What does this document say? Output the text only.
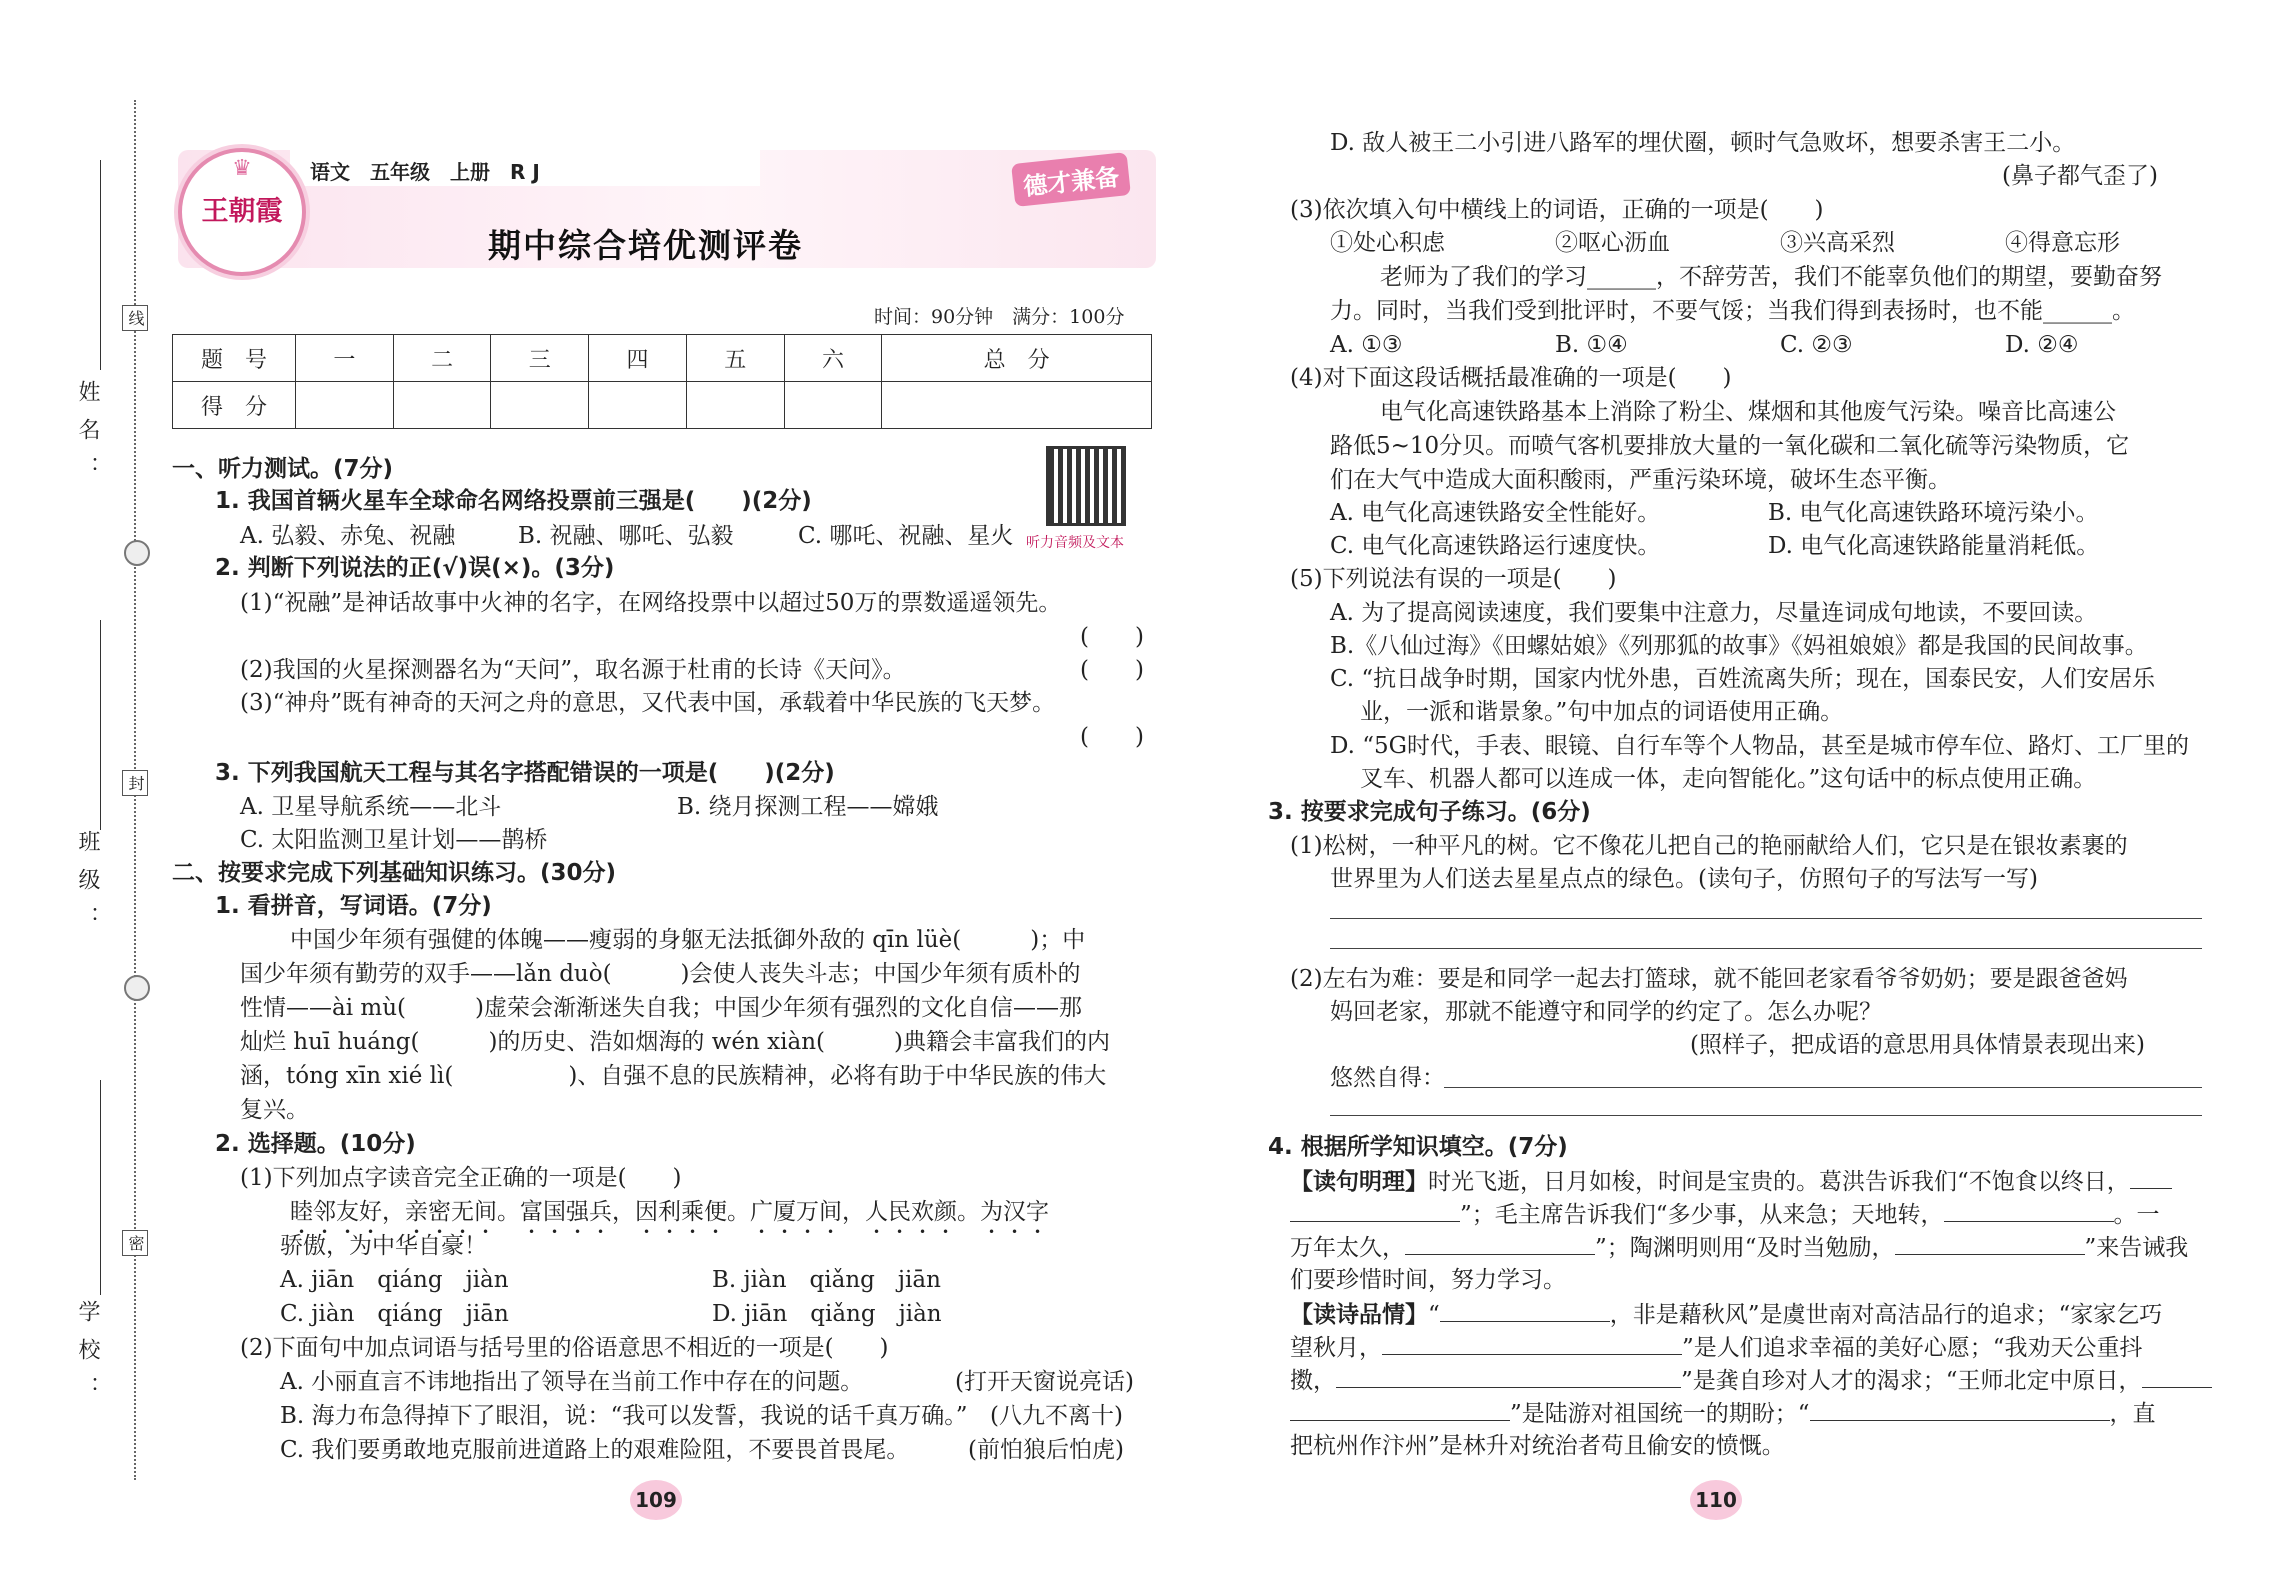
线
封
密
姓名：
班级：
学校：
♛
王朝霞
语文　五年级　上册　R J
期中综合培优测评卷
德才兼备
时间：90分钟　满分：100分
题　号	一	二	三	四	五	六	总　分
得　分							
听力音频及文本
一、听力测试。(7分)
1. 我国首辆火星车全球命名网络投票前三强是(　　)(2分)
A. 弘毅、赤兔、祝融	B. 祝融、哪吒、弘毅	C. 哪吒、祝融、星火
2. 判断下列说法的正(√)误(×)。(3分)
(1)“祝融”是神话故事中火神的名字，在网络投票中以超过50万的票数遥遥领先。
(　　)
(2)我国的火星探测器名为“天问”，取名源于杜甫的长诗《天问》。	(　　)
(3)“神舟”既有神奇的天河之舟的意思，又代表中国，承载着中华民族的飞天梦。
(　　)
3. 下列我国航天工程与其名字搭配错误的一项是(　　)(2分)
A. 卫星导航系统——北斗	B. 绕月探测工程——嫦娥
C. 太阳监测卫星计划——鹊桥
二、按要求完成下列基础知识练习。(30分)
1. 看拼音，写词语。(7分)
中国少年须有强健的体魄——瘦弱的身躯无法抵御外敌的 qīn lüè(　　　)；中
国少年须有勤劳的双手——lǎn duò(　　　)会使人丧失斗志；中国少年须有质朴的
性情——ài mù(　　　)虚荣会渐渐迷失自我；中国少年须有强烈的文化自信——那
灿烂 huī huáng(　　　)的历史、浩如烟海的 wén xiàn(　　　)典籍会丰富我们的内
涵，tóng xīn xié lì(　　　　　)、自强不息的民族精神，必将有助于中华民族的伟大
复兴。
2. 选择题。(10分)
(1)下列加点字读音完全正确的一项是(　　)
睦邻友好，亲密无间。富国强兵，因利乘便。广厦万间，人民欢颜。为汉字
骄傲，为中华自豪！
A. jiān　qiáng　jiàn	B. jiàn　qiǎng　jiān
C. jiàn　qiáng　jiān	D. jiān　qiǎng　jiàn
(2)下面句中加点词语与括号里的俗语意思不相近的一项是(　　)
A. 小丽直言不讳地指出了领导在当前工作中存在的问题。	(打开天窗说亮话)
B. 海力布急得掉下了眼泪，说：“我可以发誓，我说的话千真万确。” (八九不离十)
C. 我们要勇敢地克服前进道路上的艰难险阻，不要畏首畏尾。	(前怕狼后怕虎)
109
D. 敌人被王二小引进八路军的埋伏圈，顿时气急败坏，想要杀害王二小。
(鼻子都气歪了)
(3)依次填入句中横线上的词语，正确的一项是(　　)
①处心积虑	②呕心沥血	③兴高采烈	④得意忘形
老师为了我们的学习______，不辞劳苦，我们不能辜负他们的期望，要勤奋努
力。同时，当我们受到批评时，不要气馁；当我们得到表扬时，也不能______。
A. ①③	B. ①④	C. ②③	D. ②④
(4)对下面这段话概括最准确的一项是(　　)
电气化高速铁路基本上消除了粉尘、煤烟和其他废气污染。噪音比高速公
路低5~10分贝。而喷气客机要排放大量的一氧化碳和二氧化硫等污染物质，它
们在大气中造成大面积酸雨，严重污染环境，破坏生态平衡。
A. 电气化高速铁路安全性能好。	B. 电气化高速铁路环境污染小。
C. 电气化高速铁路运行速度快。	D. 电气化高速铁路能量消耗低。
(5)下列说法有误的一项是(　　)
A. 为了提高阅读速度，我们要集中注意力，尽量连词成句地读，不要回读。
B.《八仙过海》《田螺姑娘》《列那狐的故事》《妈祖娘娘》都是我国的民间故事。
C. “抗日战争时期，国家内忧外患，百姓流离失所；现在，国泰民安，人们安居乐
业，一派和谐景象。”句中加点的词语使用正确。
D. “5G时代，手表、眼镜、自行车等个人物品，甚至是城市停车位、路灯、工厂里的
叉车、机器人都可以连成一体，走向智能化。”这句话中的标点使用正确。
3. 按要求完成句子练习。(6分)
(1)松树，一种平凡的树。它不像花儿把自己的艳丽献给人们，它只是在银妆素裹的
世界里为人们送去星星点点的绿色。(读句子，仿照句子的写法写一写)
(2)左右为难：要是和同学一起去打篮球，就不能回老家看爷爷奶奶；要是跟爸爸妈
妈回老家，那就不能遵守和同学的约定了。怎么办呢？
(照样子，把成语的意思用具体情景表现出来)
悠然自得：
4. 根据所学知识填空。(7分)
【读句明理】时光飞逝，日月如梭，时间是宝贵的。葛洪告诉我们“不饱食以终日，
”；毛主席告诉我们“多少事，从来急；天地转，	。一
万年太久，	”；陶渊明则用“及时当勉励，	”来告诫我
们要珍惜时间，努力学习。
【读诗品情】“	，非是藉秋风”是虞世南对高洁品行的追求；“家家乞巧
望秋月，	”是人们追求幸福的美好心愿；“我劝天公重抖
擞，	”是龚自珍对人才的渴求；“王师北定中原日，
”是陆游对祖国统一的期盼；“	，直
把杭州作汴州”是林升对统治者苟且偷安的愤慨。
110
